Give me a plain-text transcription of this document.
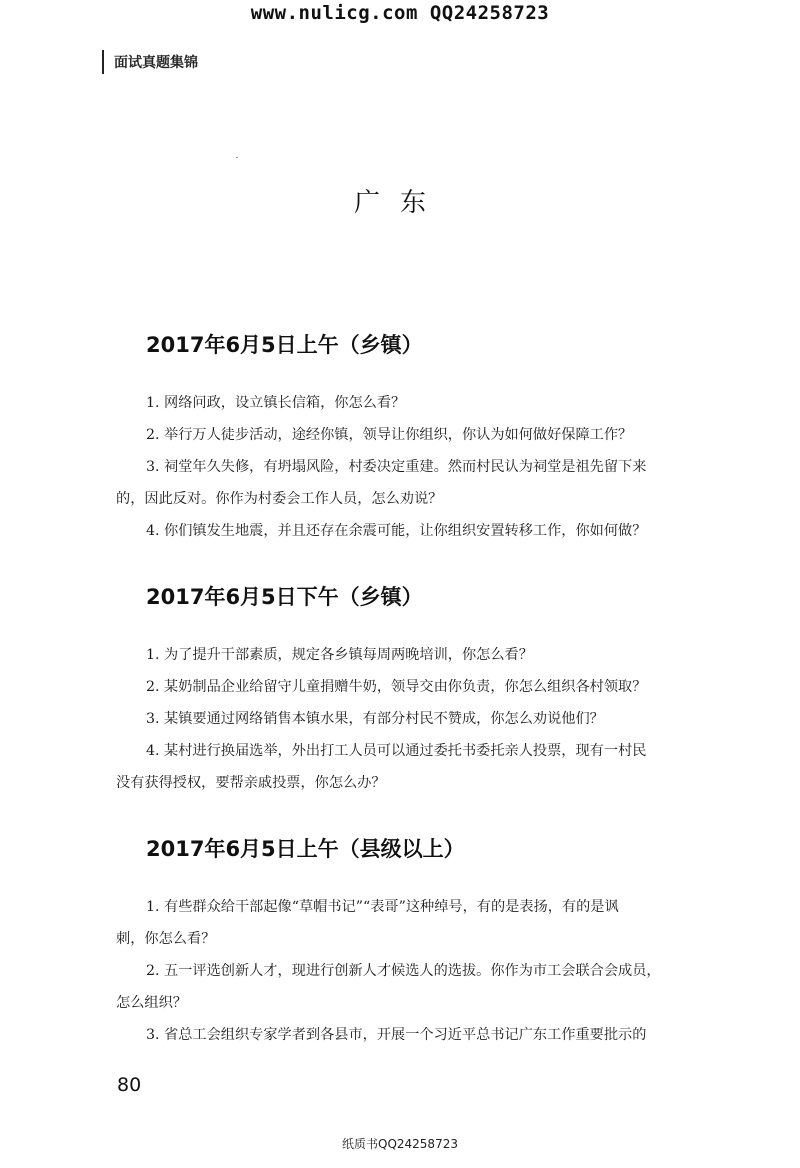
www.nulicg.com QQ24258723
面试真题集锦
广东
2017年6月5日上午（乡镇）

1. 网络问政，设立镇长信箱，你怎么看？

2. 举行万人徒步活动，途经你镇，领导让你组织，你认为如何做好保障工作？

3. 祠堂年久失修，有坍塌风险，村委决定重建。然而村民认为祠堂是祖先留下来

的，因此反对。你作为村委会工作人员，怎么劝说？

4. 你们镇发生地震，并且还存在余震可能，让你组织安置转移工作，你如何做？

2017年6月5日下午（乡镇）

1. 为了提升干部素质，规定各乡镇每周两晚培训，你怎么看？

2. 某奶制品企业给留守儿童捐赠牛奶，领导交由你负责，你怎么组织各村领取？

3. 某镇要通过网络销售本镇水果，有部分村民不赞成，你怎么劝说他们？

4. 某村进行换届选举，外出打工人员可以通过委托书委托亲人投票，现有一村民

没有获得授权，要帮亲戚投票，你怎么办？

2017年6月5日上午（县级以上）

1. 有些群众给干部起像“草帽书记”“表哥”这种绰号，有的是表扬，有的是讽

刺，你怎么看？

2. 五一评选创新人才，现进行创新人才候选人的选拔。你作为市工会联合会成员，

怎么组织？

3. 省总工会组织专家学者到各县市，开展一个习近平总书记广东工作重要批示的

80
纸质书QQ24258723
